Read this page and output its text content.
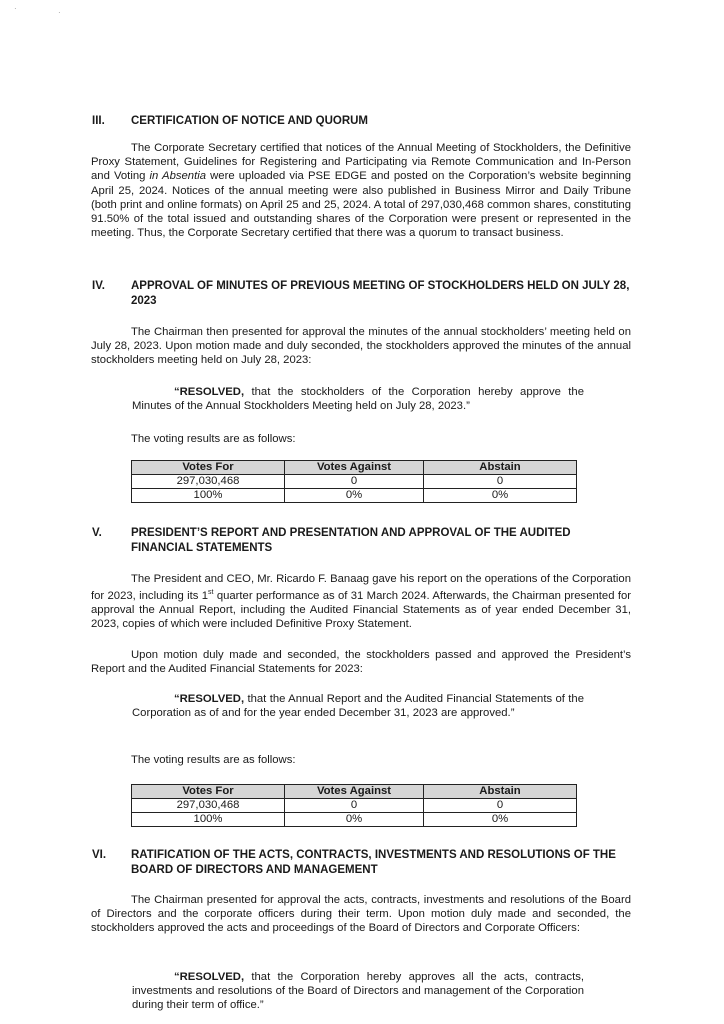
·	·
III. CERTIFICATION OF NOTICE AND QUORUM
The Corporate Secretary certified that notices of the Annual Meeting of Stockholders, the Definitive Proxy Statement, Guidelines for Registering and Participating via Remote Communication and In-Person and Voting in Absentia were uploaded via PSE EDGE and posted on the Corporation’s website beginning April 25, 2024. Notices of the annual meeting were also published in Business Mirror and Daily Tribune (both print and online formats) on April 25 and 25, 2024. A total of 297,030,468 common shares, constituting 91.50% of the total issued and outstanding shares of the Corporation were present or represented in the meeting. Thus, the Corporate Secretary certified that there was a quorum to transact business.
IV. APPROVAL OF MINUTES OF PREVIOUS MEETING OF STOCKHOLDERS HELD ON JULY 28, 2023
The Chairman then presented for approval the minutes of the annual stockholders’ meeting held on July 28, 2023. Upon motion made and duly seconded, the stockholders approved the minutes of the annual stockholders meeting held on July 28, 2023:
“RESOLVED, that the stockholders of the Corporation hereby approve the Minutes of the Annual Stockholders Meeting held on July 28, 2023.”
The voting results are as follows:
Votes For	Votes Against	Abstain
297,030,468	0	0
100%	0%	0%
V.	PRESIDENT’S REPORT AND PRESENTATION AND APPROVAL OF THE AUDITED FINANCIAL STATEMENTS
The President and CEO, Mr. Ricardo F. Banaag gave his report on the operations of the Corporation for 2023, including its 1st quarter performance as of 31 March 2024. Afterwards, the Chairman presented for approval the Annual Report, including the Audited Financial Statements as of year ended December 31, 2023, copies of which were included Definitive Proxy Statement.
Upon motion duly made and seconded, the stockholders passed and approved the President’s Report and the Audited Financial Statements for 2023:
“RESOLVED, that the Annual Report and the Audited Financial Statements of the Corporation as of and for the year ended December 31, 2023 are approved.”
The voting results are as follows:
Votes For	Votes Against	Abstain
297,030,468	0	0
100%	0%	0%
VI. RATIFICATION OF THE ACTS, CONTRACTS, INVESTMENTS AND RESOLUTIONS OF THE BOARD OF DIRECTORS AND MANAGEMENT
The Chairman presented for approval the acts, contracts, investments and resolutions of the Board of Directors and the corporate officers during their term. Upon motion duly made and seconded, the stockholders approved the acts and proceedings of the Board of Directors and Corporate Officers:
“RESOLVED, that the Corporation hereby approves all the acts, contracts, investments and resolutions of the Board of Directors and management of the Corporation during their term of office.”
